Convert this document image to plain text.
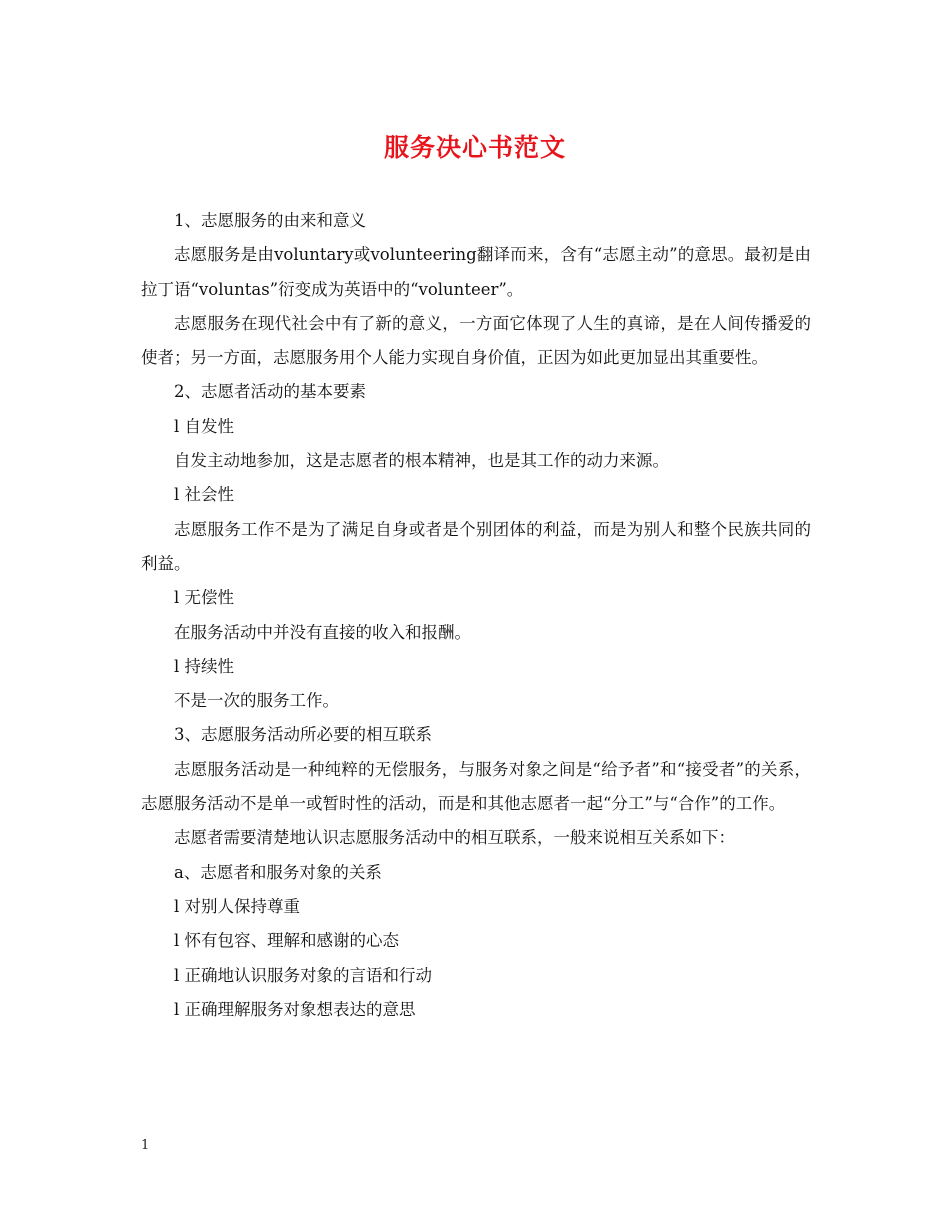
服务决心书范文

1、志愿服务的由来和意义

志愿服务是由voluntary或volunteering翻译而来，含有“志愿主动”的意思。最初是由拉丁语“voluntas”衍变成为英语中的“volunteer”。

志愿服务在现代社会中有了新的意义，一方面它体现了人生的真谛，是在人间传播爱的使者；另一方面，志愿服务用个人能力实现自身价值，正因为如此更加显出其重要性。

2、志愿者活动的基本要素

l 自发性

自发主动地参加，这是志愿者的根本精神，也是其工作的动力来源。

l 社会性

志愿服务工作不是为了满足自身或者是个别团体的利益，而是为别人和整个民族共同的利益。

l 无偿性

在服务活动中并没有直接的收入和报酬。

l 持续性

不是一次的服务工作。

3、志愿服务活动所必要的相互联系

志愿服务活动是一种纯粹的无偿服务，与服务对象之间是“给予者”和“接受者”的关系，志愿服务活动不是单一或暂时性的活动，而是和其他志愿者一起“分工”与“合作”的工作。

志愿者需要清楚地认识志愿服务活动中的相互联系，一般来说相互关系如下：

a、志愿者和服务对象的关系

l 对别人保持尊重

l 怀有包容、理解和感谢的心态

l 正确地认识服务对象的言语和行动

l 正确理解服务对象想表达的意思

1
